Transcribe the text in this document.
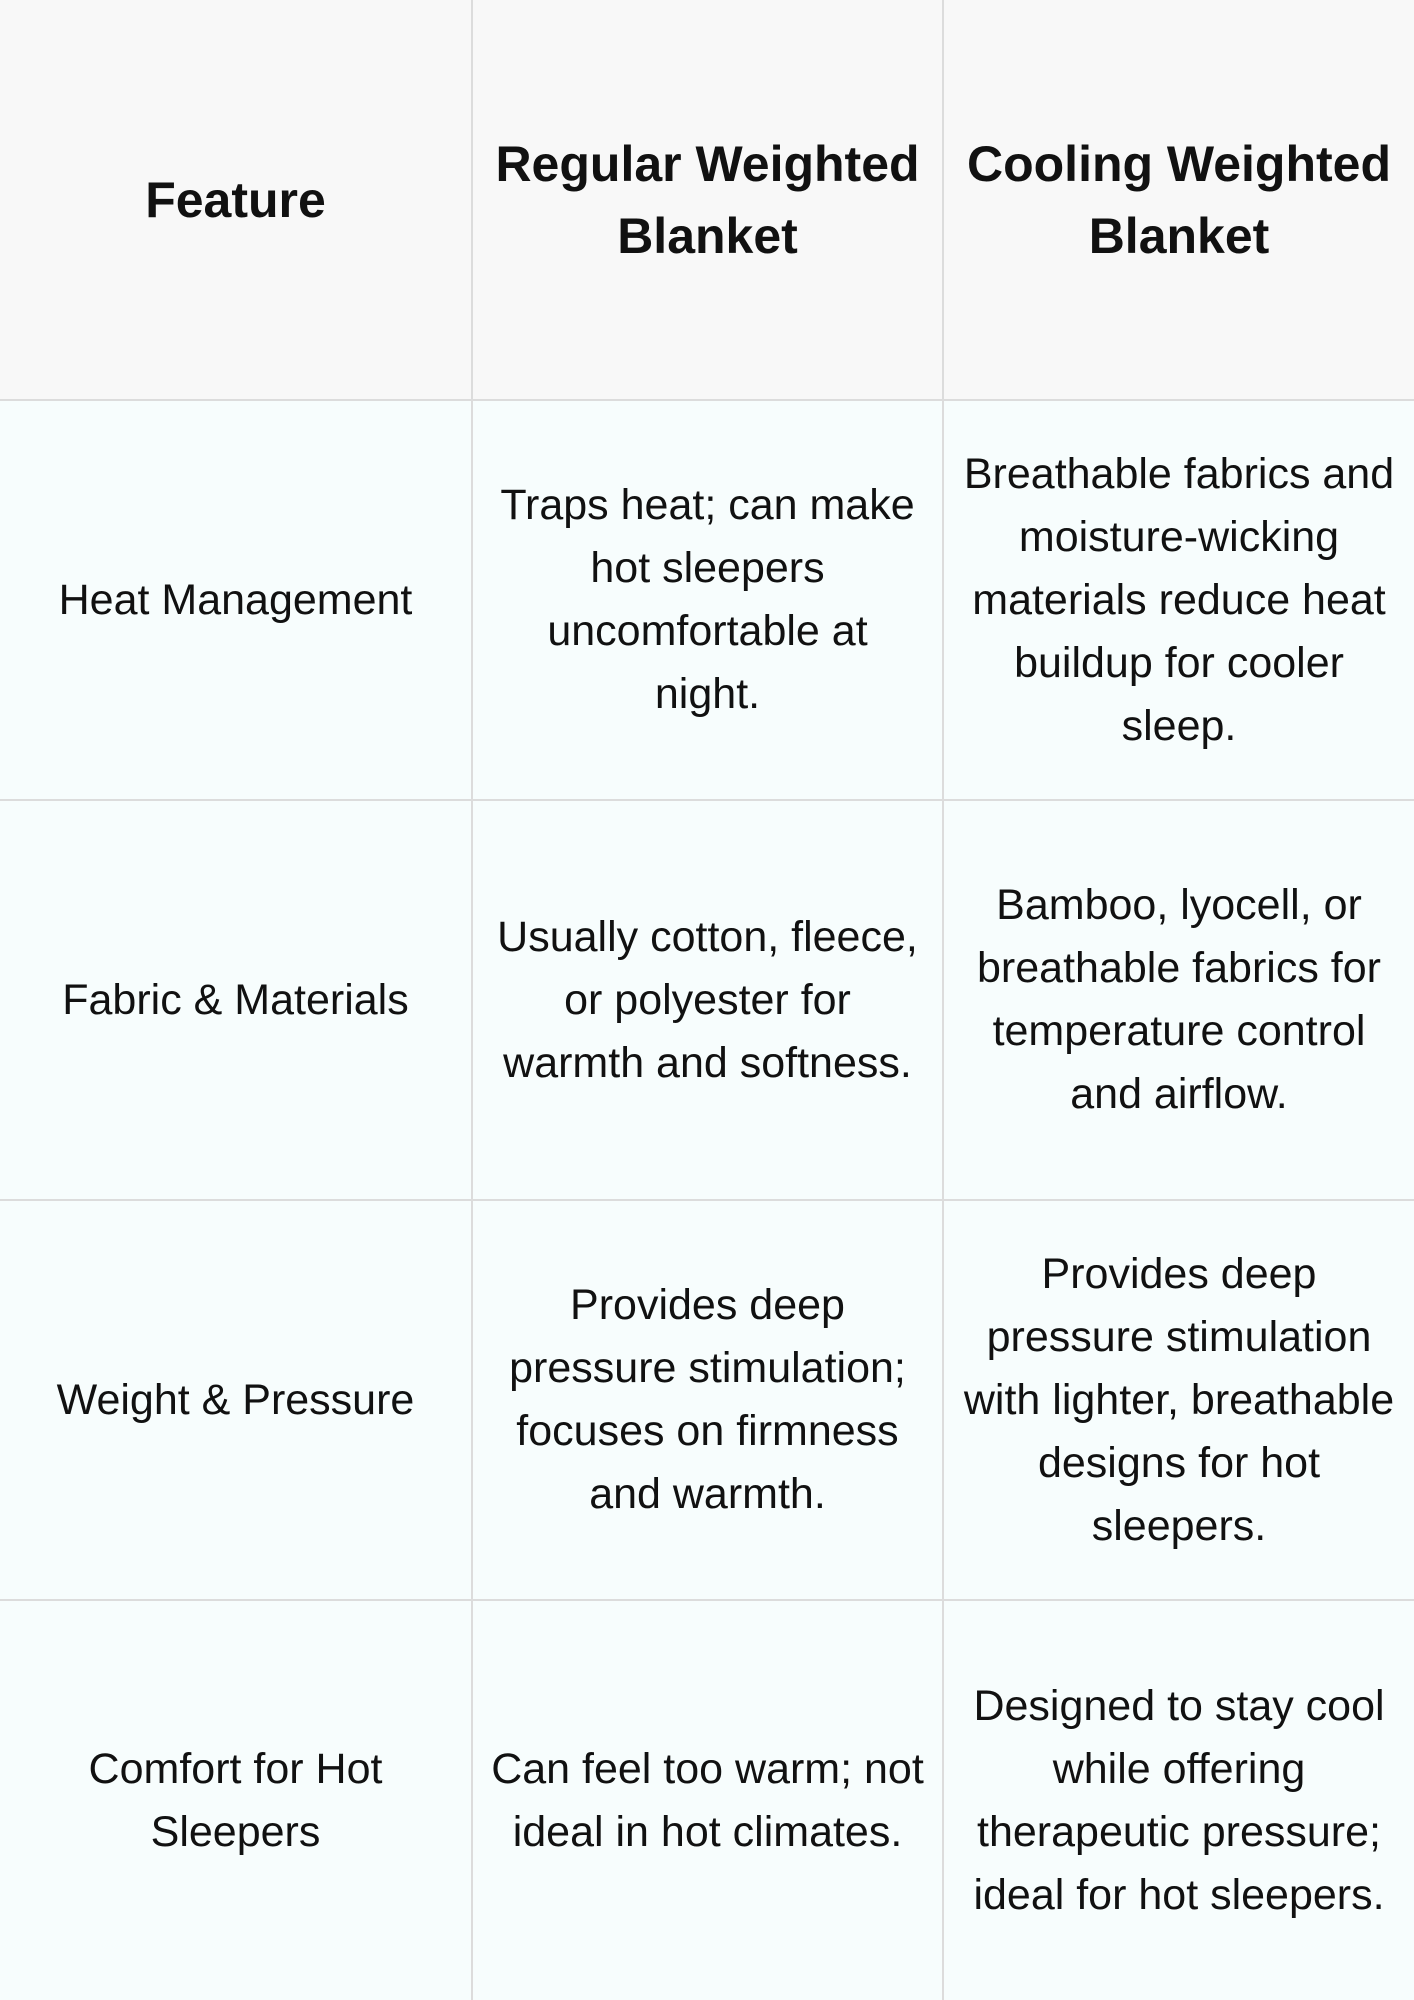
Feature	Regular Weighted Blanket	Cooling Weighted Blanket
Heat Management	Traps heat; can make hot sleepers uncomfortable at night.	Breathable fabrics and moisture-wicking materials reduce heat buildup for cooler sleep.
Fabric & Materials	Usually cotton, fleece, or polyester for warmth and softness.	Bamboo, lyocell, or breathable fabrics for temperature control and airflow.
Weight & Pressure	Provides deep pressure stimulation; focuses on firmness and warmth.	Provides deep pressure stimulation with lighter, breathable designs for hot sleepers.
Comfort for Hot Sleepers	Can feel too warm; not ideal in hot climates.	Designed to stay cool while offering therapeutic pressure; ideal for hot sleepers.
